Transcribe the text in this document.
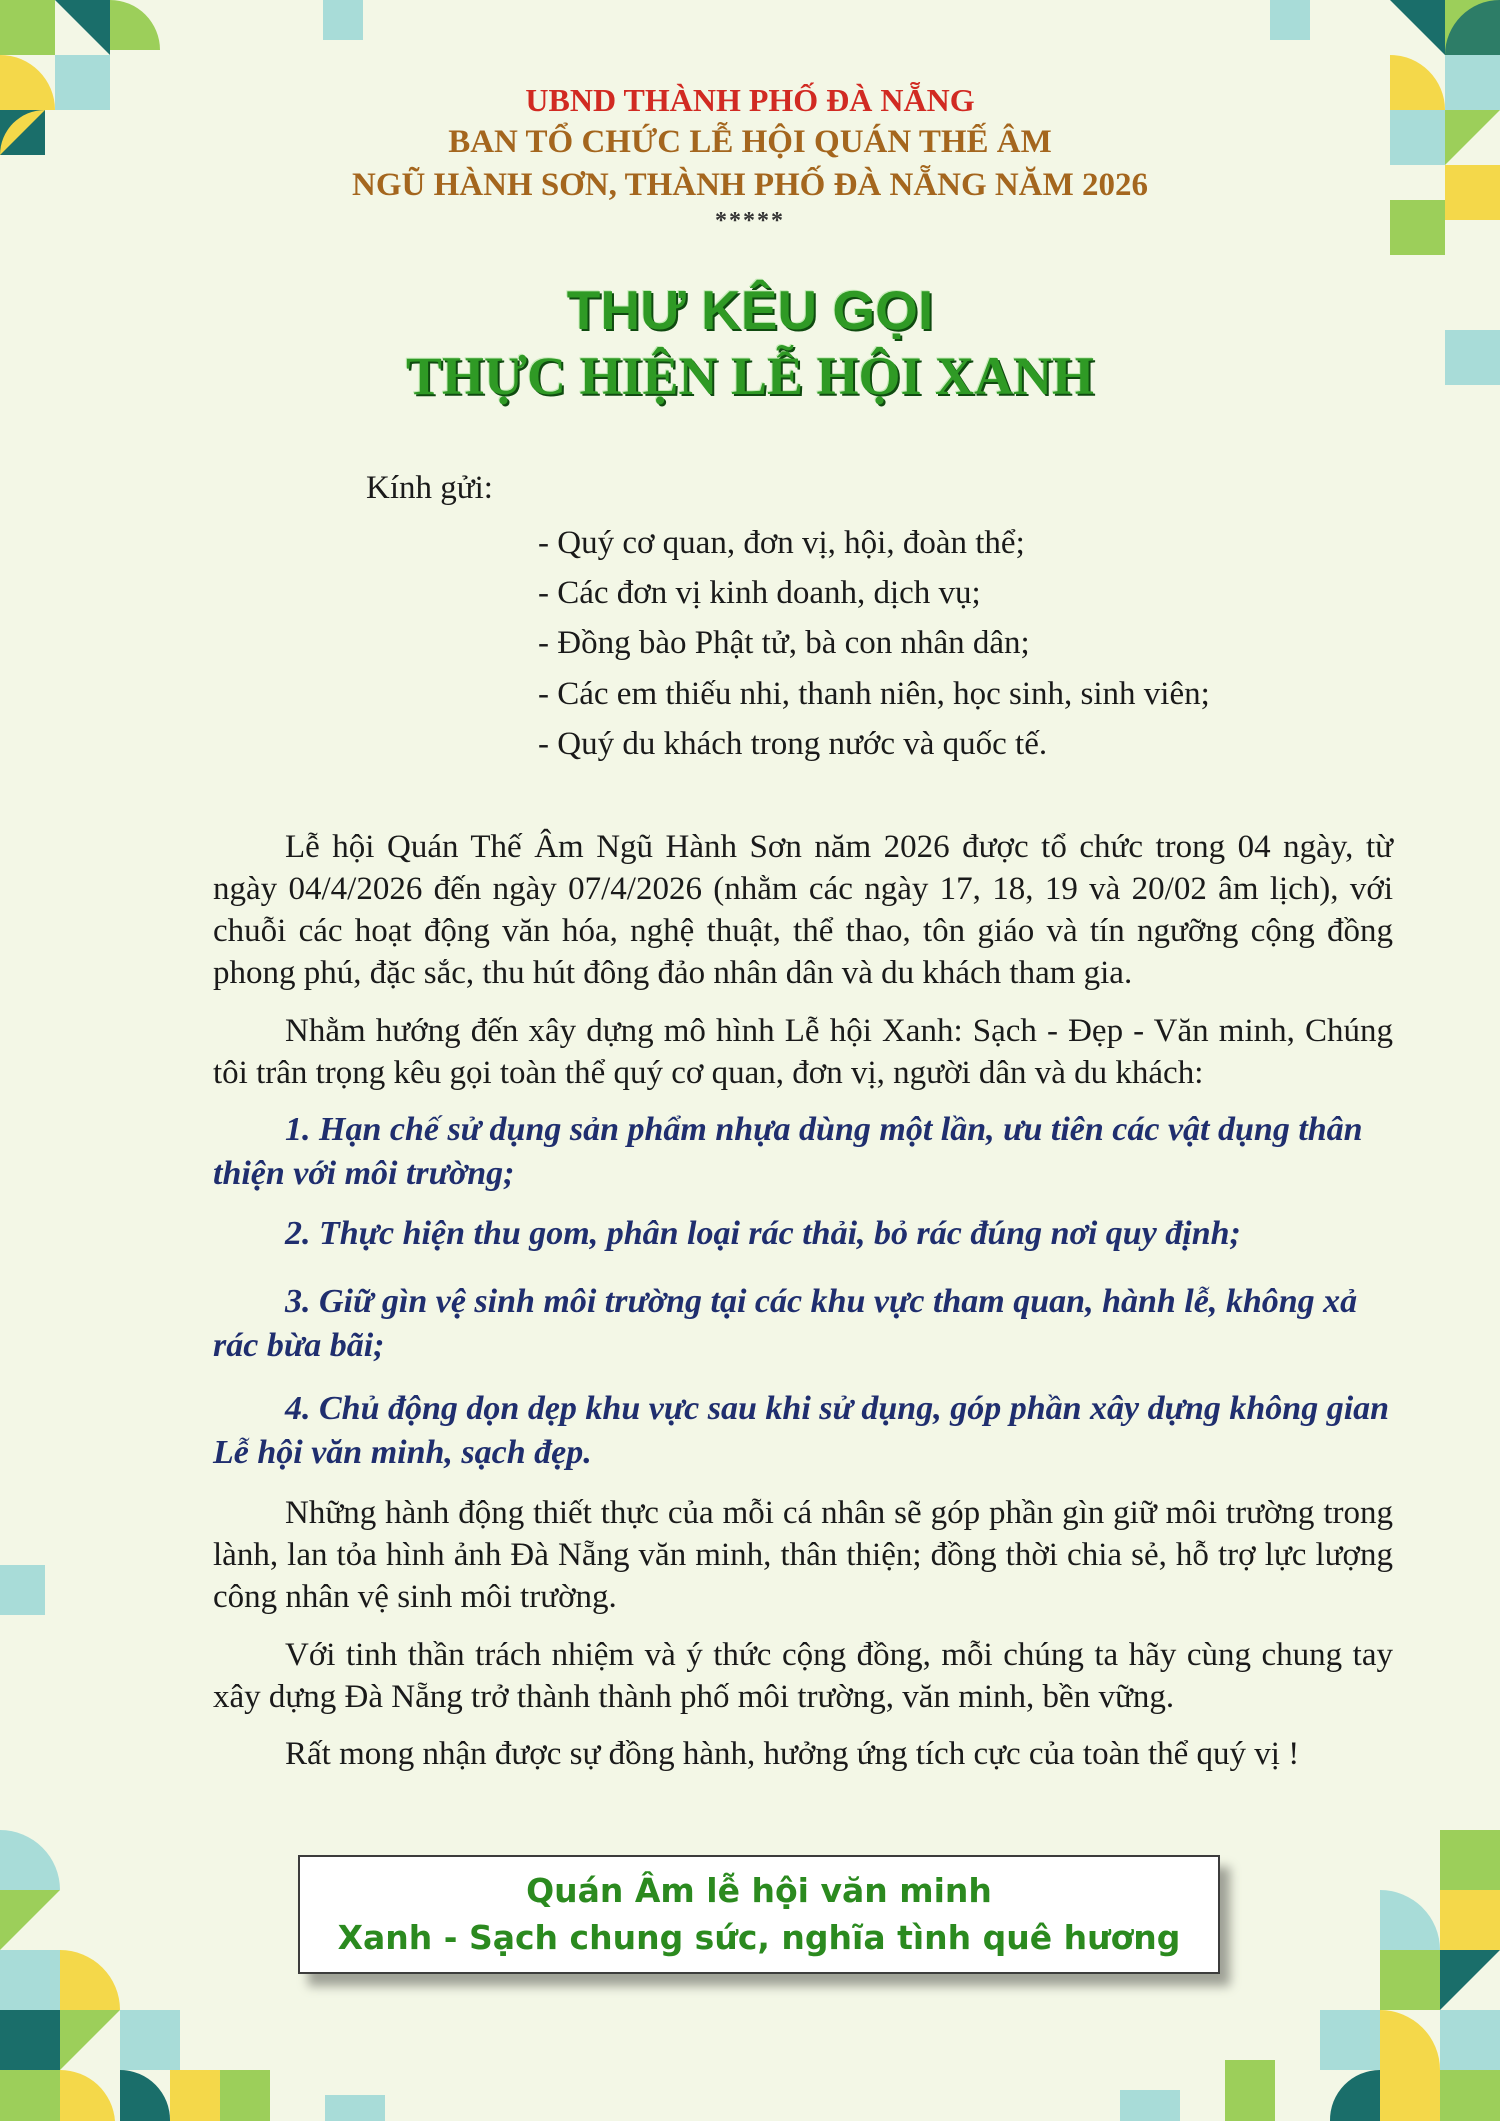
UBND THÀNH PHỐ ĐÀ NẴNG
BAN TỔ CHỨC LỄ HỘI QUÁN THẾ ÂM
NGŨ HÀNH SƠN, THÀNH PHỐ ĐÀ NẴNG NĂM 2026
*****
THƯ KÊU GỌI
THỰC HIỆN LỄ HỘI XANH
Kính gửi:
- Quý cơ quan, đơn vị, hội, đoàn thể;
- Các đơn vị kinh doanh, dịch vụ;
- Đồng bào Phật tử, bà con nhân dân;
- Các em thiếu nhi, thanh niên, học sinh, sinh viên;
- Quý du khách trong nước và quốc tế.

Lễ hội Quán Thế Âm Ngũ Hành Sơn năm 2026 được tổ chức trong 04 ngày, từ ngày 04/4/2026 đến ngày 07/4/2026 (nhằm các ngày 17, 18, 19 và 20/02 âm lịch), với chuỗi các hoạt động văn hóa, nghệ thuật, thể thao, tôn giáo và tín ngưỡng cộng đồng phong phú, đặc sắc, thu hút đông đảo nhân dân và du khách tham gia.

Nhằm hướng đến xây dựng mô hình Lễ hội Xanh: Sạch - Đẹp - Văn minh, Chúng tôi trân trọng kêu gọi toàn thể quý cơ quan, đơn vị, người dân và du khách:

1. Hạn chế sử dụng sản phẩm nhựa dùng một lần, ưu tiên các vật dụng thân thiện với môi trường;

2. Thực hiện thu gom, phân loại rác thải, bỏ rác đúng nơi quy định;

3. Giữ gìn vệ sinh môi trường tại các khu vực tham quan, hành lễ, không xả rác bừa bãi;

4. Chủ động dọn dẹp khu vực sau khi sử dụng, góp phần xây dựng không gian Lễ hội văn minh, sạch đẹp.

Những hành động thiết thực của mỗi cá nhân sẽ góp phần gìn giữ môi trường trong lành, lan tỏa hình ảnh Đà Nẵng văn minh, thân thiện; đồng thời chia sẻ, hỗ trợ lực lượng công nhân vệ sinh môi trường.

Với tinh thần trách nhiệm và ý thức cộng đồng, mỗi chúng ta hãy cùng chung tay xây dựng Đà Nẵng trở thành thành phố môi trường, văn minh, bền vững.

Rất mong nhận được sự đồng hành, hưởng ứng tích cực của toàn thể quý vị !

Quán Âm lễ hội văn minh
Xanh - Sạch chung sức, nghĩa tình quê hương
